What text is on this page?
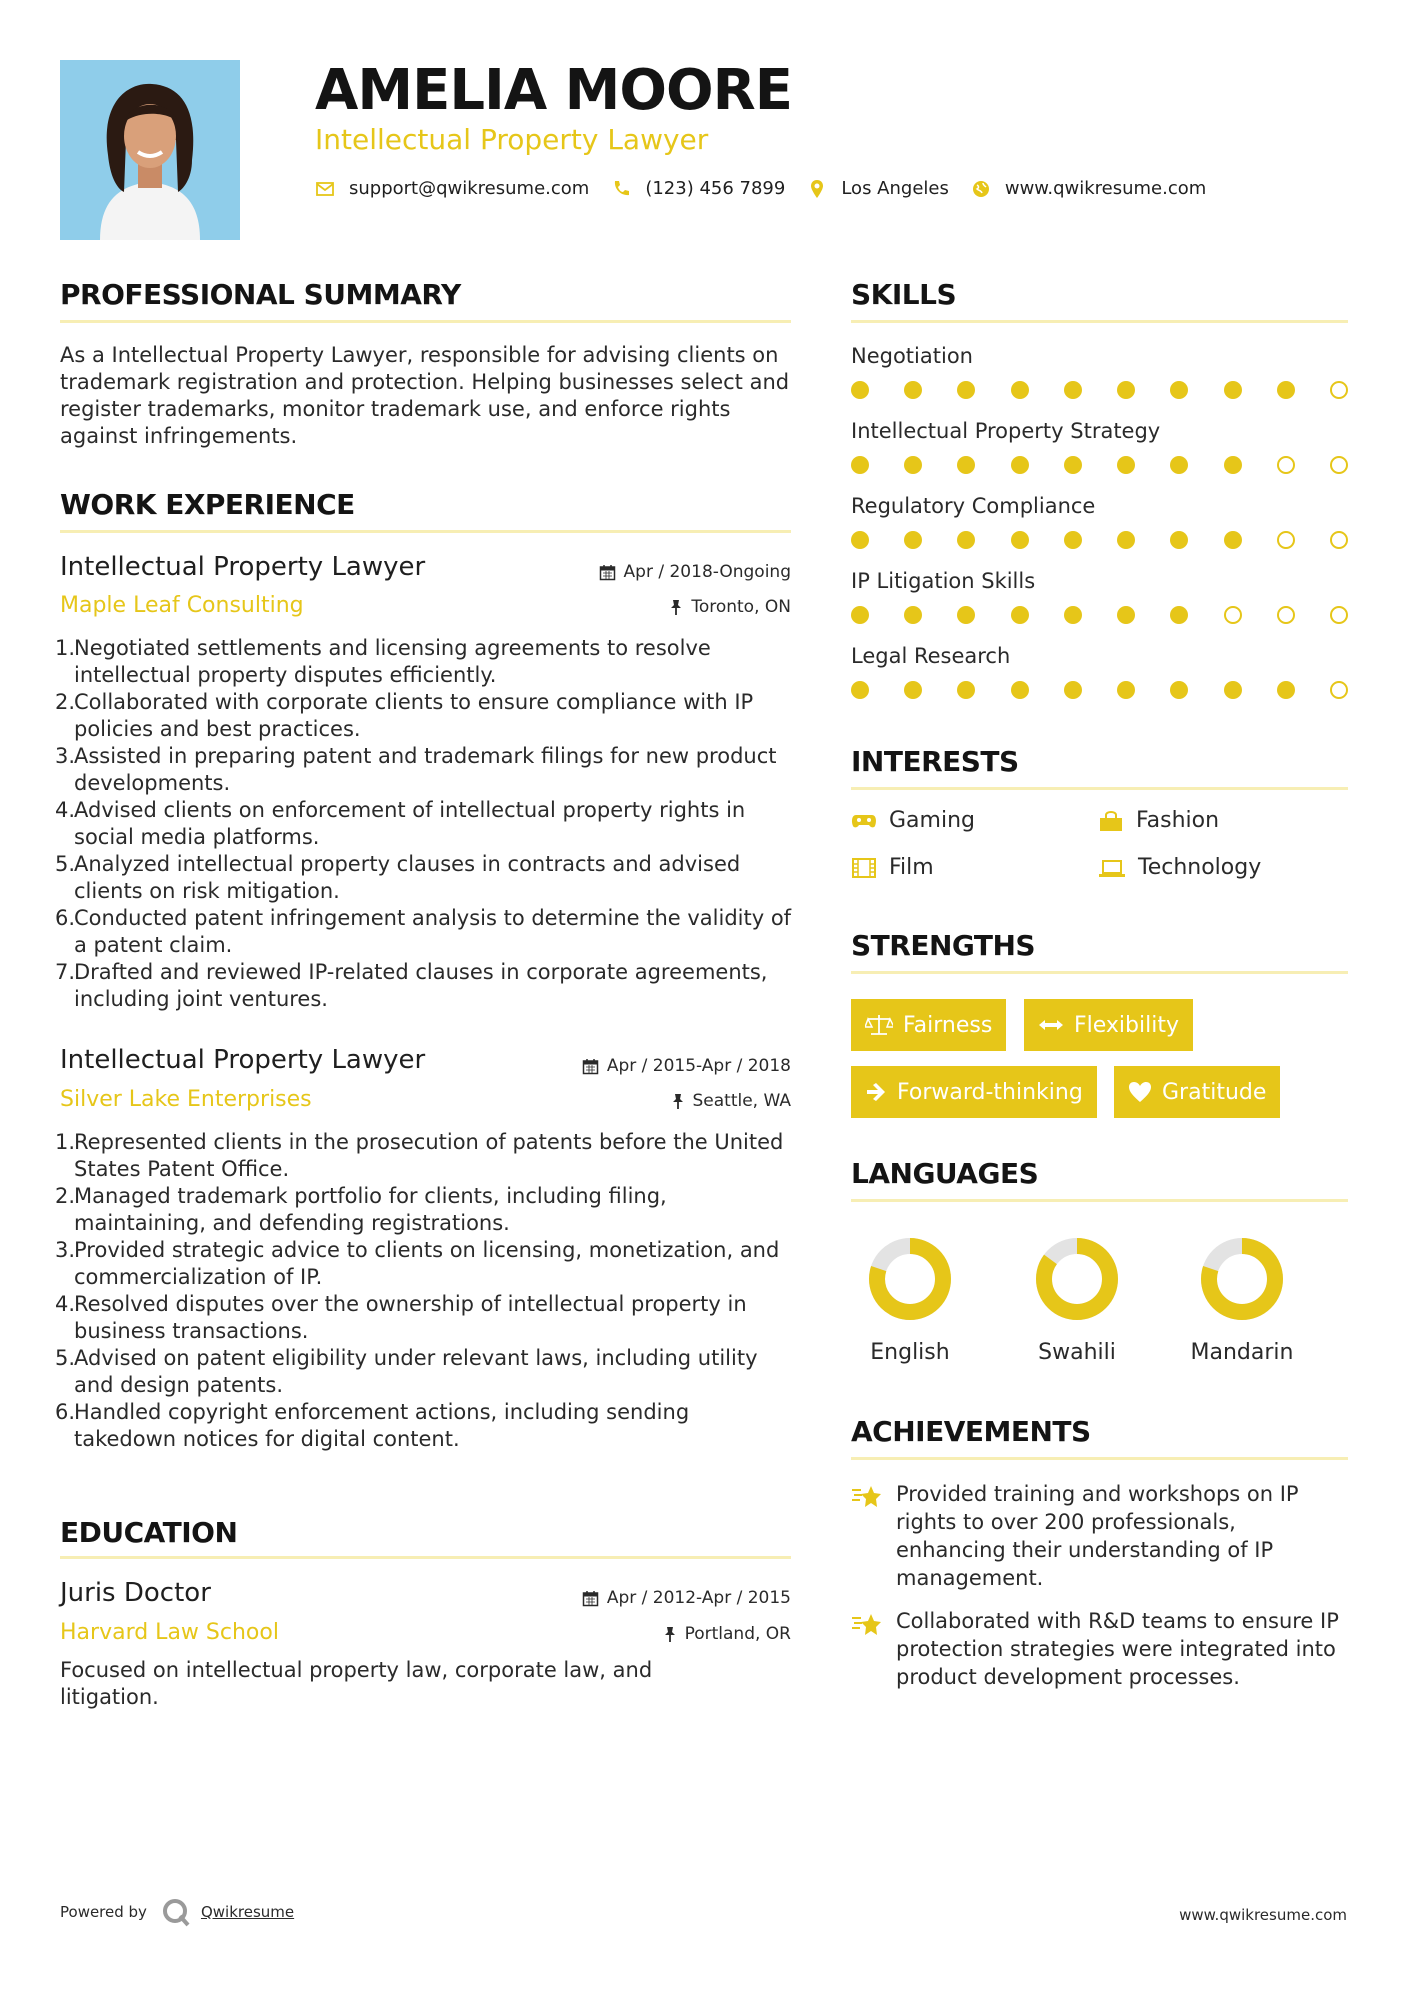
AMELIA MOORE
Intellectual Property Lawyer
support@qwikresume.com	(123) 456 7899	Los Angeles	www.qwikresume.com
PROFESSIONAL SUMMARY
As a Intellectual Property Lawyer, responsible for advising clients on trademark registration and protection. Helping businesses select and register trademarks, monitor trademark use, and enforce rights against infringements.
WORK EXPERIENCE
Intellectual Property Lawyer
Maple Leaf Consulting
Apr / 2018-Ongoing
Toronto, ON
1.
Negotiated settlements and licensing agreements to resolve intellectual property disputes efficiently.
2.
Collaborated with corporate clients to ensure compliance with IP policies and best practices.
3.
Assisted in preparing patent and trademark filings for new product developments.
4.
Advised clients on enforcement of intellectual property rights in social media platforms.
5.
Analyzed intellectual property clauses in contracts and advised clients on risk mitigation.
6.
Conducted patent infringement analysis to determine the validity of a patent claim.
7.
Drafted and reviewed IP-related clauses in corporate agreements, including joint ventures.
Intellectual Property Lawyer
Silver Lake Enterprises
Apr / 2015-Apr / 2018
Seattle, WA
1.
Represented clients in the prosecution of patents before the United States Patent Office.
2.
Managed trademark portfolio for clients, including filing, maintaining, and defending registrations.
3.
Provided strategic advice to clients on licensing, monetization, and commercialization of IP.
4.
Resolved disputes over the ownership of intellectual property in business transactions.
5.
Advised on patent eligibility under relevant laws, including utility and design patents.
6.
Handled copyright enforcement actions, including sending takedown notices for digital content.
EDUCATION
Juris Doctor
Harvard Law School
Apr / 2012-Apr / 2015
Portland, OR
Focused on intellectual property law, corporate law, and litigation.
SKILLS
Negotiation
Intellectual Property Strategy
Regulatory Compliance
IP Litigation Skills
Legal Research
INTERESTS
Gaming	Fashion
Film	Technology
STRENGTHS
Fairness	Flexibility
Forward-thinking	Gratitude
LANGUAGES
English	Swahili	Mandarin
ACHIEVEMENTS
Provided training and workshops on IP rights to over 200 professionals, enhancing their understanding of IP management.
Collaborated with R&D teams to ensure IP protection strategies were integrated into product development processes.
Powered by	Qwikresume	www.qwikresume.com
